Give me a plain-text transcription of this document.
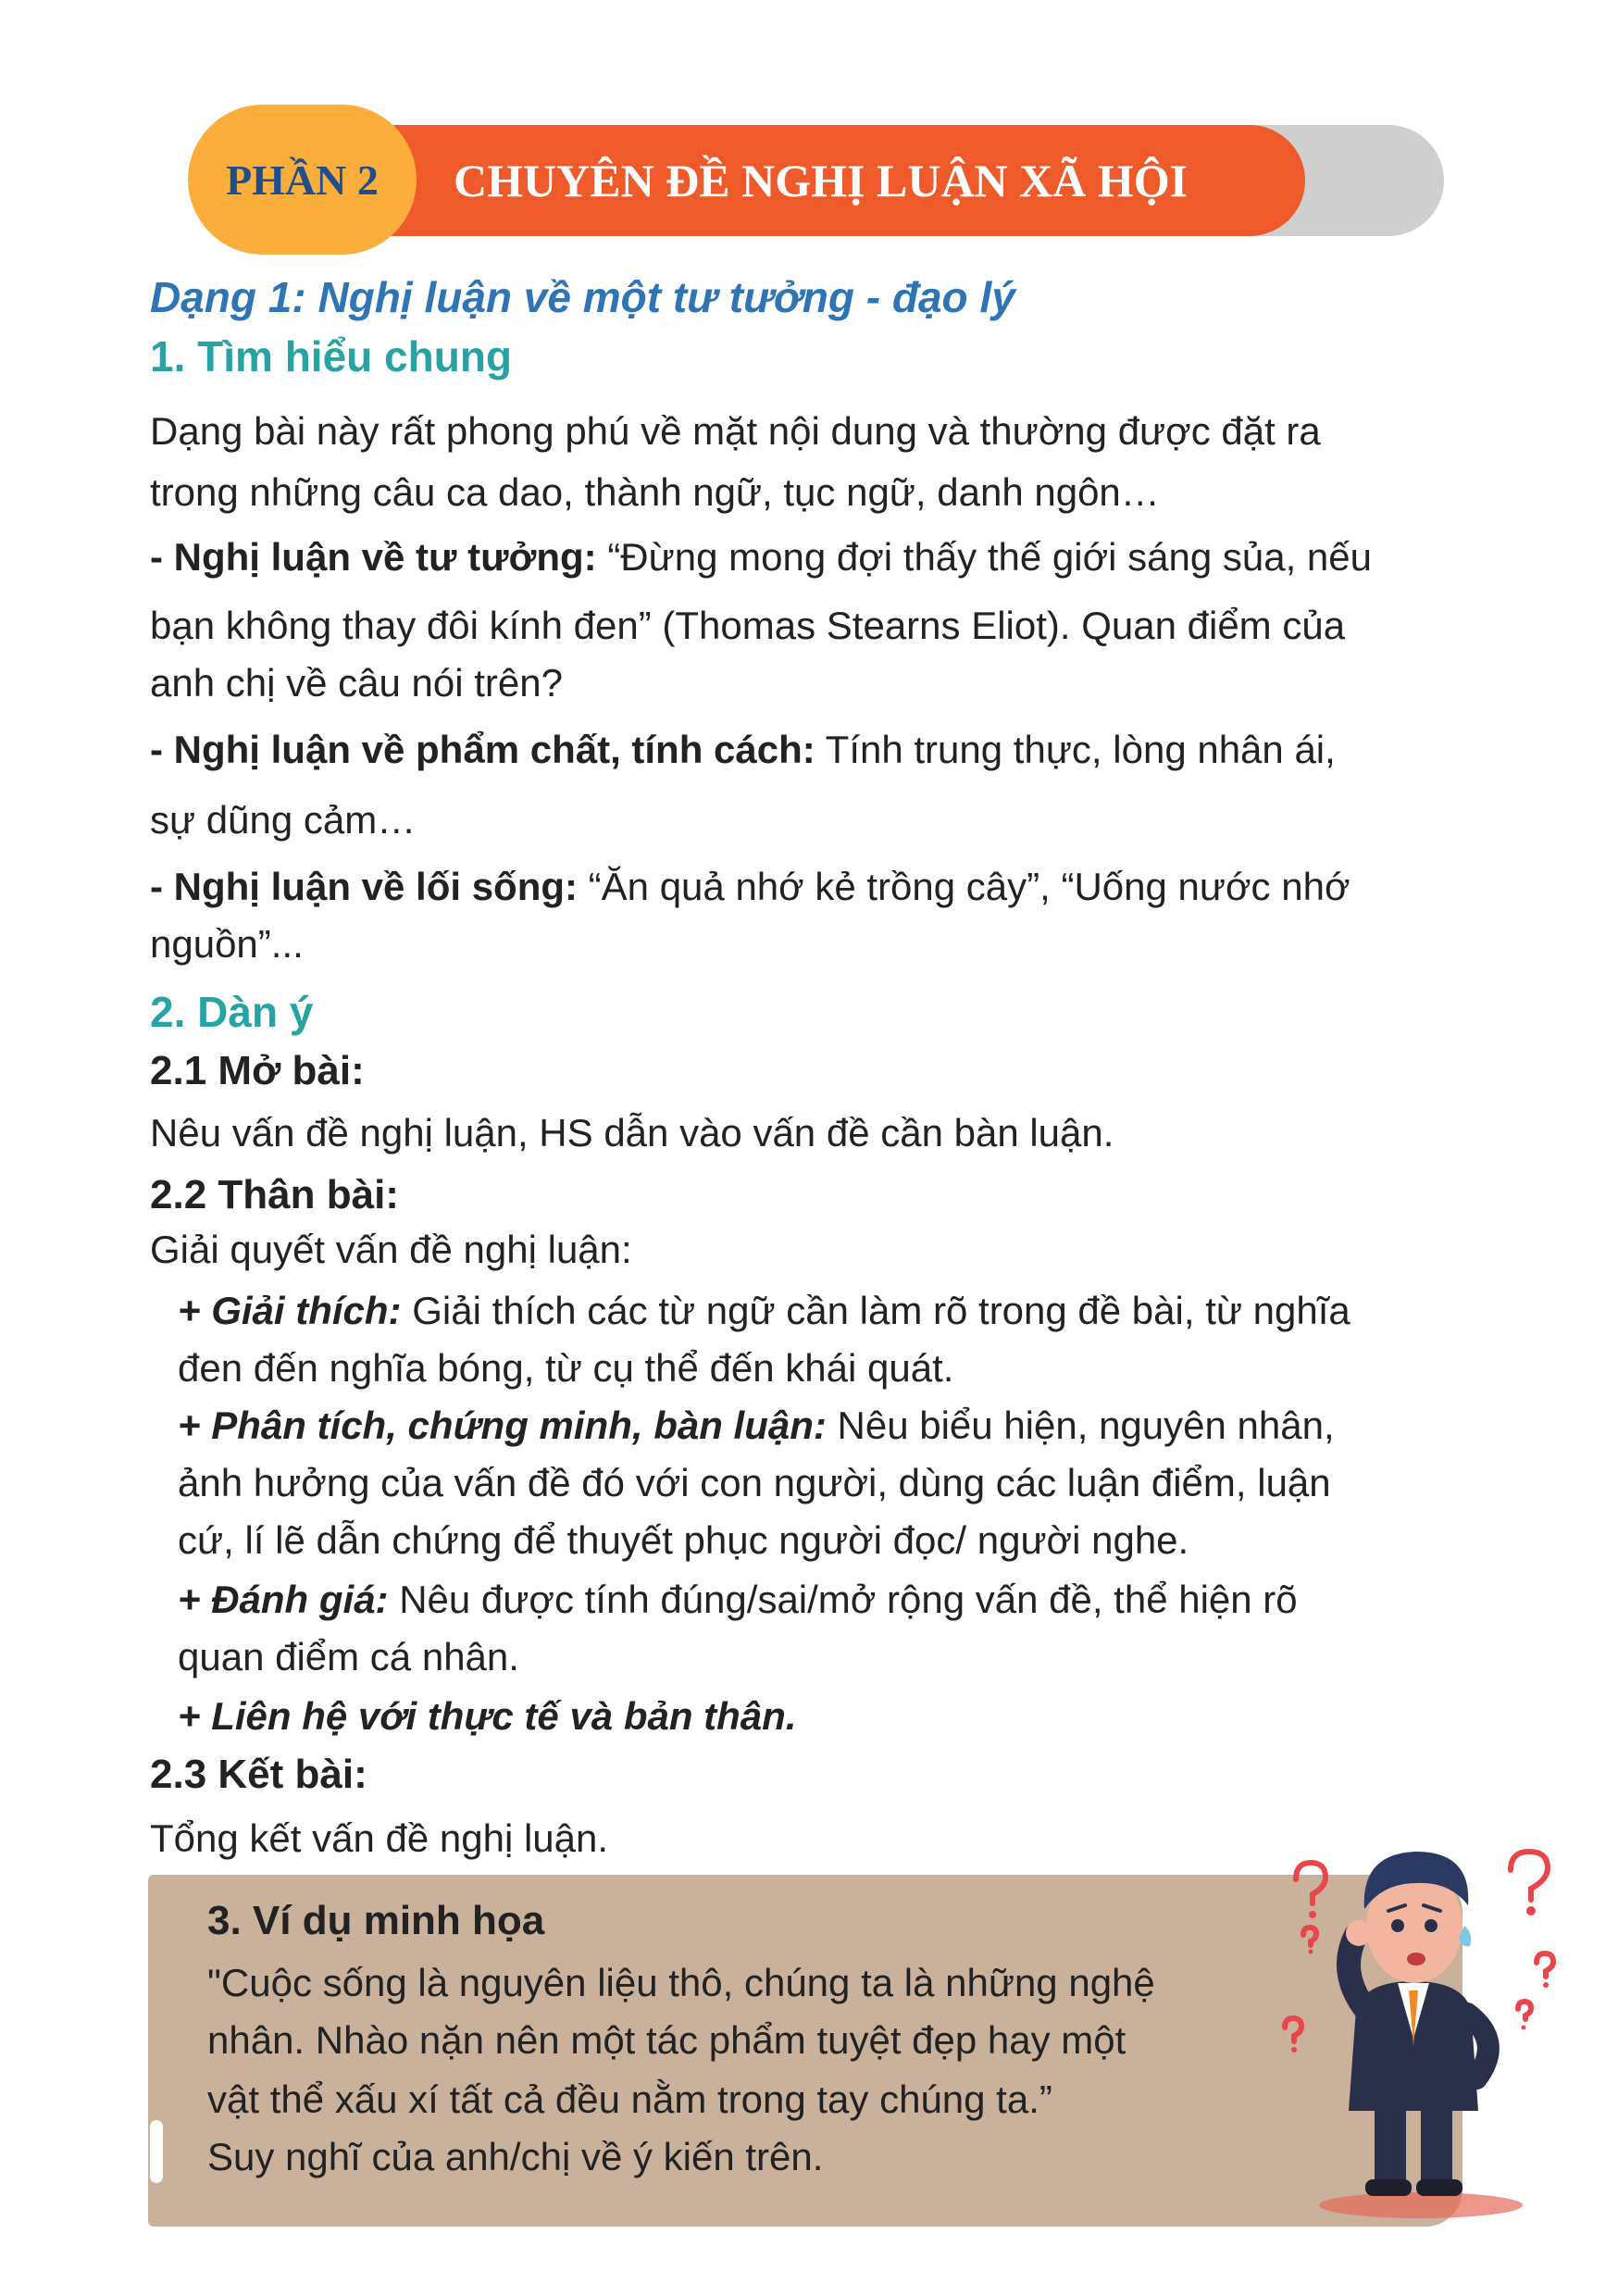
PHẦN 2 CHUYÊN ĐỀ NGHỊ LUẬN XÃ HỘI
Dạng 1: Nghị luận về một tư tưởng - đạo lý
1. Tìm hiểu chung
Dạng bài này rất phong phú về mặt nội dung và thường được đặt ra
trong những câu ca dao, thành ngữ, tục ngữ, danh ngôn…
- Nghị luận về tư tưởng: “Đừng mong đợi thấy thế giới sáng sủa, nếu
bạn không thay đôi kính đen” (Thomas Stearns Eliot). Quan điểm của
anh chị về câu nói trên?
- Nghị luận về phẩm chất, tính cách: Tính trung thực, lòng nhân ái,
sự dũng cảm…
- Nghị luận về lối sống: “Ăn quả nhớ kẻ trồng cây”, “Uống nước nhớ
nguồn”...
2. Dàn ý
2.1 Mở bài:
Nêu vấn đề nghị luận, HS dẫn vào vấn đề cần bàn luận.
2.2 Thân bài:
Giải quyết vấn đề nghị luận:
+ Giải thích: Giải thích các từ ngữ cần làm rõ trong đề bài, từ nghĩa
đen đến nghĩa bóng, từ cụ thể đến khái quát.
+ Phân tích, chứng minh, bàn luận: Nêu biểu hiện, nguyên nhân,
ảnh hưởng của vấn đề đó với con người, dùng các luận điểm, luận
cứ, lí lẽ dẫn chứng để thuyết phục người đọc/ người nghe.
+ Đánh giá: Nêu được tính đúng/sai/mở rộng vấn đề, thể hiện rõ
quan điểm cá nhân.
+ Liên hệ với thực tế và bản thân.
2.3 Kết bài:
Tổng kết vấn đề nghị luận.
3. Ví dụ minh họa
"Cuộc sống là nguyên liệu thô, chúng ta là những nghệ
nhân. Nhào nặn nên một tác phẩm tuyệt đẹp hay một
vật thể xấu xí tất cả đều nằm trong tay chúng ta.”
Suy nghĩ của anh/chị về ý kiến trên.
